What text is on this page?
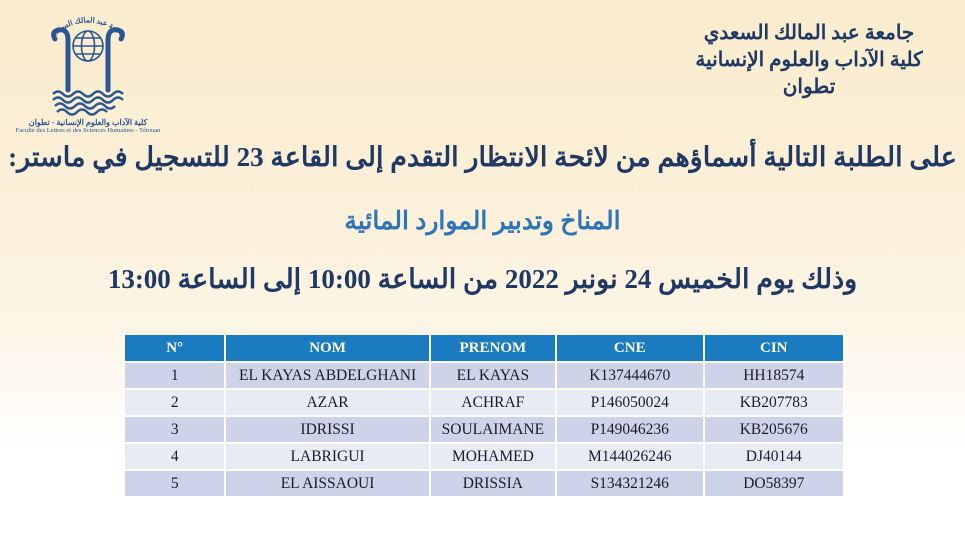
جامعة عبد المالك السعدي
كلية الآداب والعلوم الإنسانية - تطوان
Faculté des Lettres et des Sciences Humaines - Tétouan
جامعة عبد المالك السعدي
كلية الآداب والعلوم الإنسانية
تطوان
على الطلبة التالية أسماؤهم من لائحة الانتظار التقدم إلى القاعة 23 للتسجيل في ماستر:
المناخ وتدبير الموارد المائية
وذلك يوم الخميس 24 نونبر 2022 من الساعة 10:00 إلى الساعة 13:00
N°	NOM	PRENOM	CNE	CIN
1	EL KAYAS ABDELGHANI	EL KAYAS	K137444670	HH18574
2	AZAR	ACHRAF	P146050024	KB207783
3	IDRISSI	SOULAIMANE	P149046236	KB205676
4	LABRIGUI	MOHAMED	M144026246	DJ40144
5	EL AISSAOUI	DRISSIA	S134321246	DO58397
